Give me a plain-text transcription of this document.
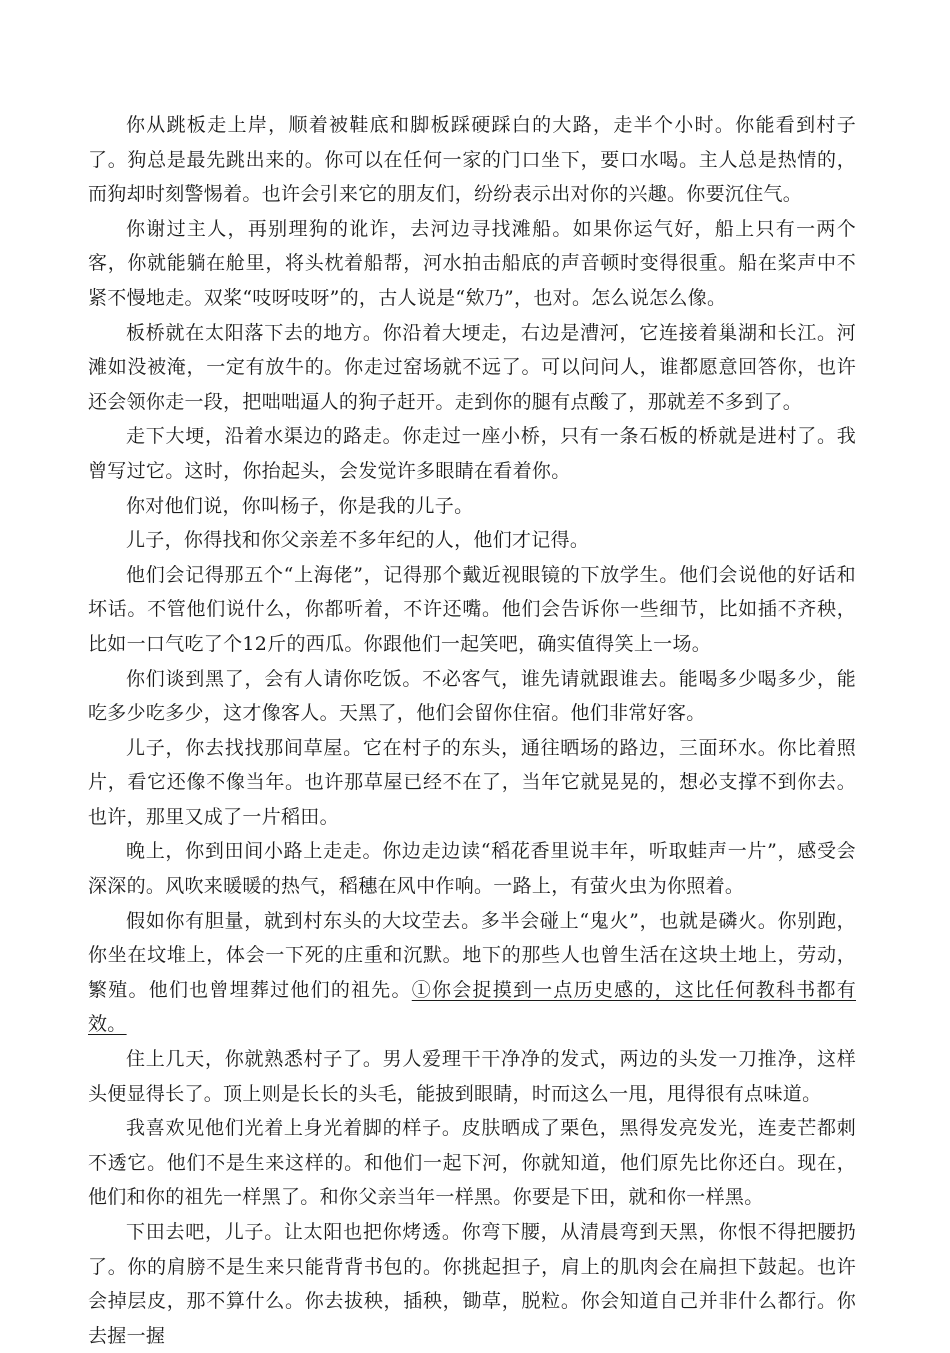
你从跳板走上岸，顺着被鞋底和脚板踩硬踩白的大路，走半个小时。你能看到村子了。狗总是最先跳出来的。你可以在任何一家的门口坐下，要口水喝。主人总是热情的，而狗却时刻警惕着。也许会引来它的朋友们，纷纷表示出对你的兴趣。你要沉住气。

你谢过主人，再别理狗的讹诈，去河边寻找滩船。如果你运气好，船上只有一两个客，你就能躺在舱里，将头枕着船帮，河水拍击船底的声音顿时变得很重。船在桨声中不紧不慢地走。双桨“吱呀吱呀”的，古人说是“欸乃”，也对。怎么说怎么像。

板桥就在太阳落下去的地方。你沿着大埂走，右边是漕河，它连接着巢湖和长江。河滩如没被淹，一定有放牛的。你走过窑场就不远了。可以问问人，谁都愿意回答你，也许还会领你走一段，把咄咄逼人的狗子赶开。走到你的腿有点酸了，那就差不多到了。

走下大埂，沿着水渠边的路走。你走过一座小桥，只有一条石板的桥就是进村了。我曾写过它。这时，你抬起头，会发觉许多眼睛在看着你。

你对他们说，你叫杨子，你是我的儿子。

儿子，你得找和你父亲差不多年纪的人，他们才记得。

他们会记得那五个“上海佬”，记得那个戴近视眼镜的下放学生。他们会说他的好话和坏话。不管他们说什么，你都听着，不许还嘴。他们会告诉你一些细节，比如插不齐秧，比如一口气吃了个12斤的西瓜。你跟他们一起笑吧，确实值得笑上一场。

你们谈到黑了，会有人请你吃饭。不必客气，谁先请就跟谁去。能喝多少喝多少，能吃多少吃多少，这才像客人。天黑了，他们会留你住宿。他们非常好客。

儿子，你去找找那间草屋。它在村子的东头，通往晒场的路边，三面环水。你比着照片，看它还像不像当年。也许那草屋已经不在了，当年它就晃晃的，想必支撑不到你去。也许，那里又成了一片稻田。

晚上，你到田间小路上走走。你边走边读“稻花香里说丰年，听取蛙声一片”，感受会深深的。风吹来暖暖的热气，稻穗在风中作响。一路上，有萤火虫为你照着。

假如你有胆量，就到村东头的大坟茔去。多半会碰上“鬼火”，也就是磷火。你别跑，你坐在坟堆上，体会一下死的庄重和沉默。地下的那些人也曾生活在这块土地上，劳动，繁殖。他们也曾埋葬过他们的祖先。①你会捉摸到一点历史感的，这比任何教科书都有效。

住上几天，你就熟悉村子了。男人爱理干干净净的发式，两边的头发一刀推净，这样头便显得长了。顶上则是长长的头毛，能披到眼睛，时而这么一甩，甩得很有点味道。

我喜欢见他们光着上身光着脚的样子。皮肤晒成了栗色，黑得发亮发光，连麦芒都刺不透它。他们不是生来这样的。和他们一起下河，你就知道，他们原先比你还白。现在，他们和你的祖先一样黑了。和你父亲当年一样黑。你要是下田，就和你一样黑。

下田去吧，儿子。让太阳也把你烤透。你弯下腰，从清晨弯到天黑，你恨不得把腰扔了。你的肩膀不是生来只能背背书包的。你挑起担子，肩上的肌肉会在扁担下鼓起。也许会掉层皮，那不算什么。你去拔秧，插秧，锄草，脱粒。你会知道自己并非什么都行。你去握一握
